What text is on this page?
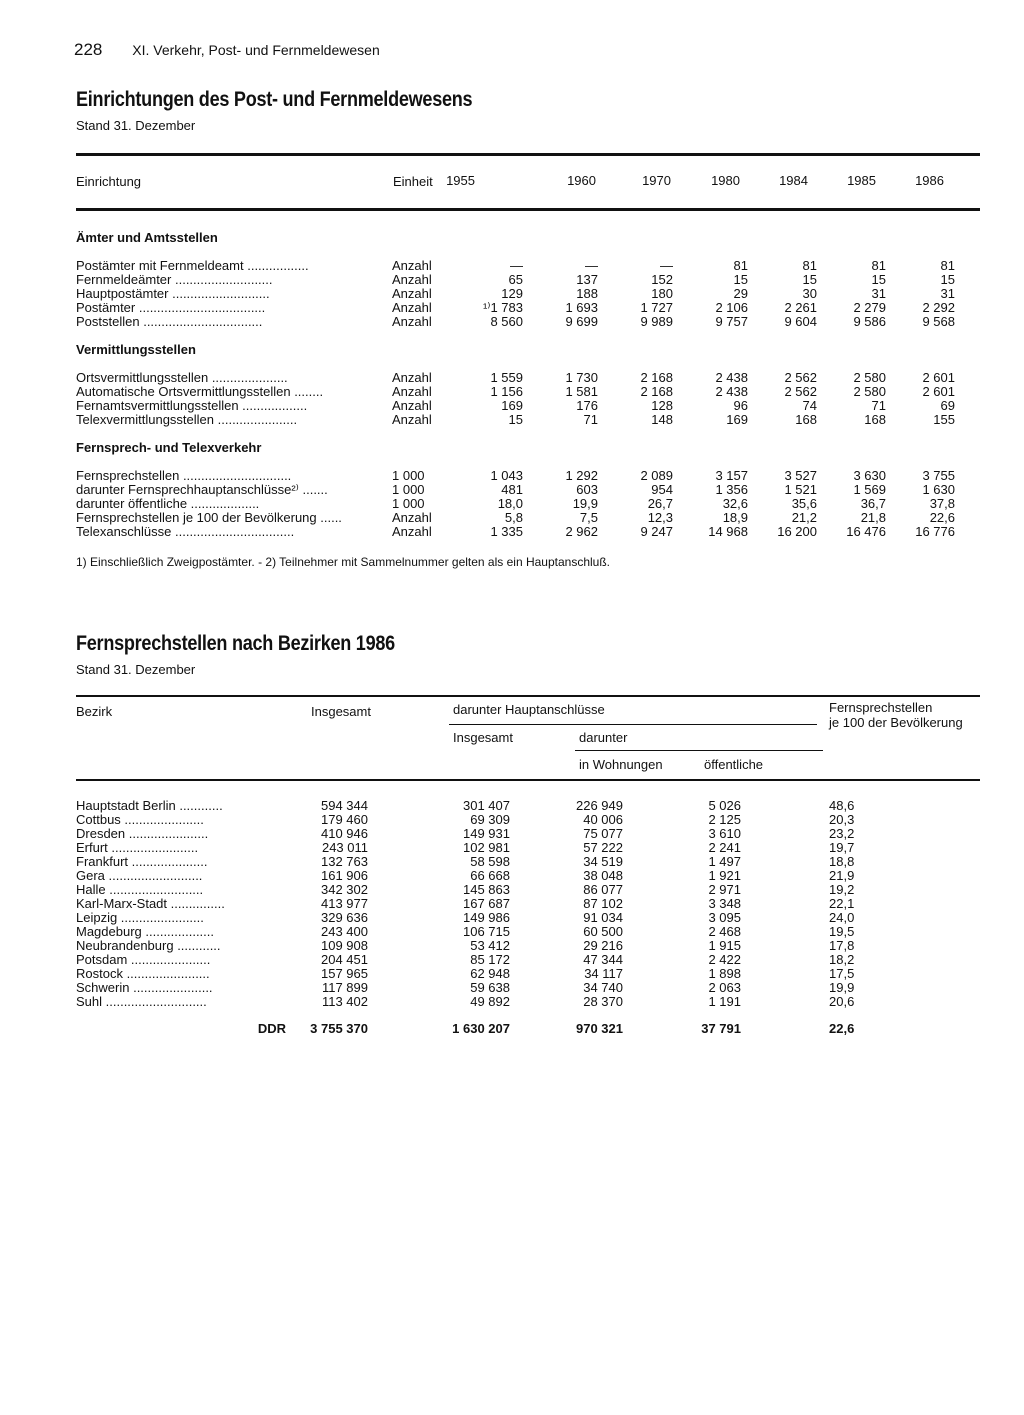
228 XI. Verkehr, Post- und Fernmeldewesen
Einrichtungen des Post- und Fernmeldewesens
Stand 31. Dezember
Einrichtung	Einheit	1955	1960	1970	1980	1984	1985	1986
Ämter und Amtsstellen
Postämter mit Fernmeldeamt .................	Anzahl	—	—	—	81	81	81	81
Fernmeldeämter ...........................	Anzahl	65	137	152	15	15	15	15
Hauptpostämter ...........................	Anzahl	129	188	180	29	30	31	31
Postämter ...................................	Anzahl	¹⁾1 783	1 693	1 727	2 106	2 261	2 279	2 292
Poststellen .................................	Anzahl	8 560	9 699	9 989	9 757	9 604	9 586	9 568
Vermittlungsstellen
Ortsvermittlungsstellen .....................	Anzahl	1 559	1 730	2 168	2 438	2 562	2 580	2 601
Automatische Ortsvermittlungsstellen ........	Anzahl	1 156	1 581	2 168	2 438	2 562	2 580	2 601
Fernamtsvermittlungsstellen ..................	Anzahl	169	176	128	96	74	71	69
Telexvermittlungsstellen ......................	Anzahl	15	71	148	169	168	168	155
Fernsprech- und Telexverkehr
Fernsprechstellen ..............................	1 000	1 043	1 292	2 089	3 157	3 527	3 630	3 755
darunter Fernsprechhauptanschlüsse²⁾ .......	1 000	481	603	954	1 356	1 521	1 569	1 630
darunter öffentliche ...................	1 000	18,0	19,9	26,7	32,6	35,6	36,7	37,8
Fernsprechstellen je 100 der Bevölkerung ......	Anzahl	5,8	7,5	12,3	18,9	21,2	21,8	22,6
Telexanschlüsse .................................	Anzahl	1 335	2 962	9 247	14 968	16 200	16 476	16 776
1) Einschließlich Zweigpostämter. - 2) Teilnehmer mit Sammelnummer gelten als ein Hauptanschluß.
Fernsprechstellen nach Bezirken 1986
Stand 31. Dezember
Bezirk	Insgesamt	darunter Hauptanschlüsse	Fernsprechstellen
je 100 der Bevölkerung
Insgesamt	darunter
in Wohnungen	öffentliche
Hauptstadt Berlin ............	594 344	301 407	226 949	5 026	48,6
Cottbus ......................	179 460	69 309	40 006	2 125	20,3
Dresden ......................	410 946	149 931	75 077	3 610	23,2
Erfurt ........................	243 011	102 981	57 222	2 241	19,7
Frankfurt .....................	132 763	58 598	34 519	1 497	18,8
Gera ..........................	161 906	66 668	38 048	1 921	21,9
Halle ..........................	342 302	145 863	86 077	2 971	19,2
Karl-Marx-Stadt ...............	413 977	167 687	87 102	3 348	22,1
Leipzig .......................	329 636	149 986	91 034	3 095	24,0
Magdeburg ...................	243 400	106 715	60 500	2 468	19,5
Neubrandenburg ............	109 908	53 412	29 216	1 915	17,8
Potsdam ......................	204 451	85 172	47 344	2 422	18,2
Rostock .......................	157 965	62 948	34 117	1 898	17,5
Schwerin ......................	117 899	59 638	34 740	2 063	19,9
Suhl ............................	113 402	49 892	28 370	1 191	20,6
DDR	3 755 370	1 630 207	970 321	37 791	22,6
